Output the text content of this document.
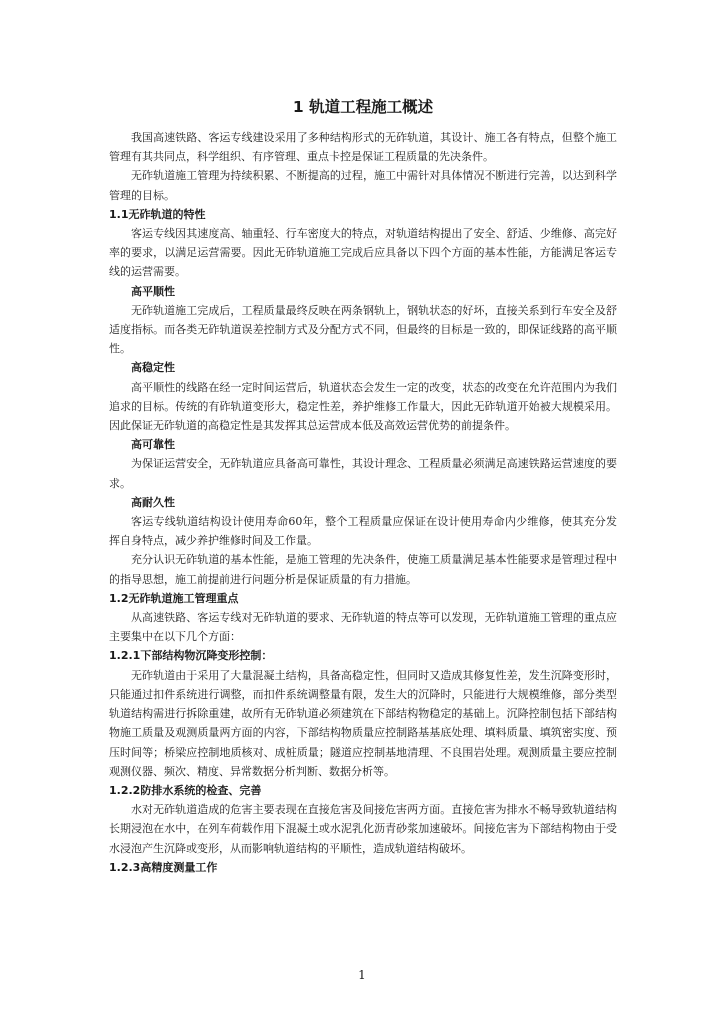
1 轨道工程施工概述

我国高速铁路、客运专线建设采用了多种结构形式的无砟轨道，其设计、施工各有特点，但整个施工管理有其共同点，科学组织、有序管理、重点卡控是保证工程质量的先决条件。

无砟轨道施工管理为持续积累、不断提高的过程，施工中需针对具体情况不断进行完善，以达到科学管理的目标。

1.1无砟轨道的特性

客运专线因其速度高、轴重轻、行车密度大的特点，对轨道结构提出了安全、舒适、少维修、高完好率的要求，以满足运营需要。因此无砟轨道施工完成后应具备以下四个方面的基本性能，方能满足客运专线的运营需要。

高平顺性

无砟轨道施工完成后，工程质量最终反映在两条钢轨上，钢轨状态的好坏，直接关系到行车安全及舒适度指标。而各类无砟轨道误差控制方式及分配方式不同，但最终的目标是一致的，即保证线路的高平顺性。

高稳定性

高平顺性的线路在经一定时间运营后，轨道状态会发生一定的改变，状态的改变在允许范围内为我们追求的目标。传统的有砟轨道变形大，稳定性差，养护维修工作量大，因此无砟轨道开始被大规模采用。因此保证无砟轨道的高稳定性是其发挥其总运营成本低及高效运营优势的前提条件。

高可靠性

为保证运营安全，无砟轨道应具备高可靠性，其设计理念、工程质量必须满足高速铁路运营速度的要求。

高耐久性

客运专线轨道结构设计使用寿命60年，整个工程质量应保证在设计使用寿命内少维修，使其充分发挥自身特点，减少养护维修时间及工作量。

充分认识无砟轨道的基本性能，是施工管理的先决条件，使施工质量满足基本性能要求是管理过程中的指导思想，施工前提前进行问题分析是保证质量的有力措施。

1.2无砟轨道施工管理重点

从高速铁路、客运专线对无砟轨道的要求、无砟轨道的特点等可以发现，无砟轨道施工管理的重点应主要集中在以下几个方面：

1.2.1下部结构物沉降变形控制：

无砟轨道由于采用了大量混凝土结构，具备高稳定性，但同时又造成其修复性差，发生沉降变形时，只能通过扣件系统进行调整，而扣件系统调整量有限，发生大的沉降时，只能进行大规模维修，部分类型轨道结构需进行拆除重建，故所有无砟轨道必须建筑在下部结构物稳定的基础上。沉降控制包括下部结构物施工质量及观测质量两方面的内容，下部结构物质量应控制路基基底处理、填料质量、填筑密实度、预压时间等；桥梁应控制地质核对、成桩质量；隧道应控制基地清理、不良围岩处理。观测质量主要应控制观测仪器、频次、精度、异常数据分析判断、数据分析等。

1.2.2防排水系统的检查、完善

水对无砟轨道造成的危害主要表现在直接危害及间接危害两方面。直接危害为排水不畅导致轨道结构长期浸泡在水中，在列车荷载作用下混凝土或水泥乳化沥青砂浆加速破坏。间接危害为下部结构物由于受水浸泡产生沉降或变形，从而影响轨道结构的平顺性，造成轨道结构破坏。

1.2.3高精度测量工作
1
